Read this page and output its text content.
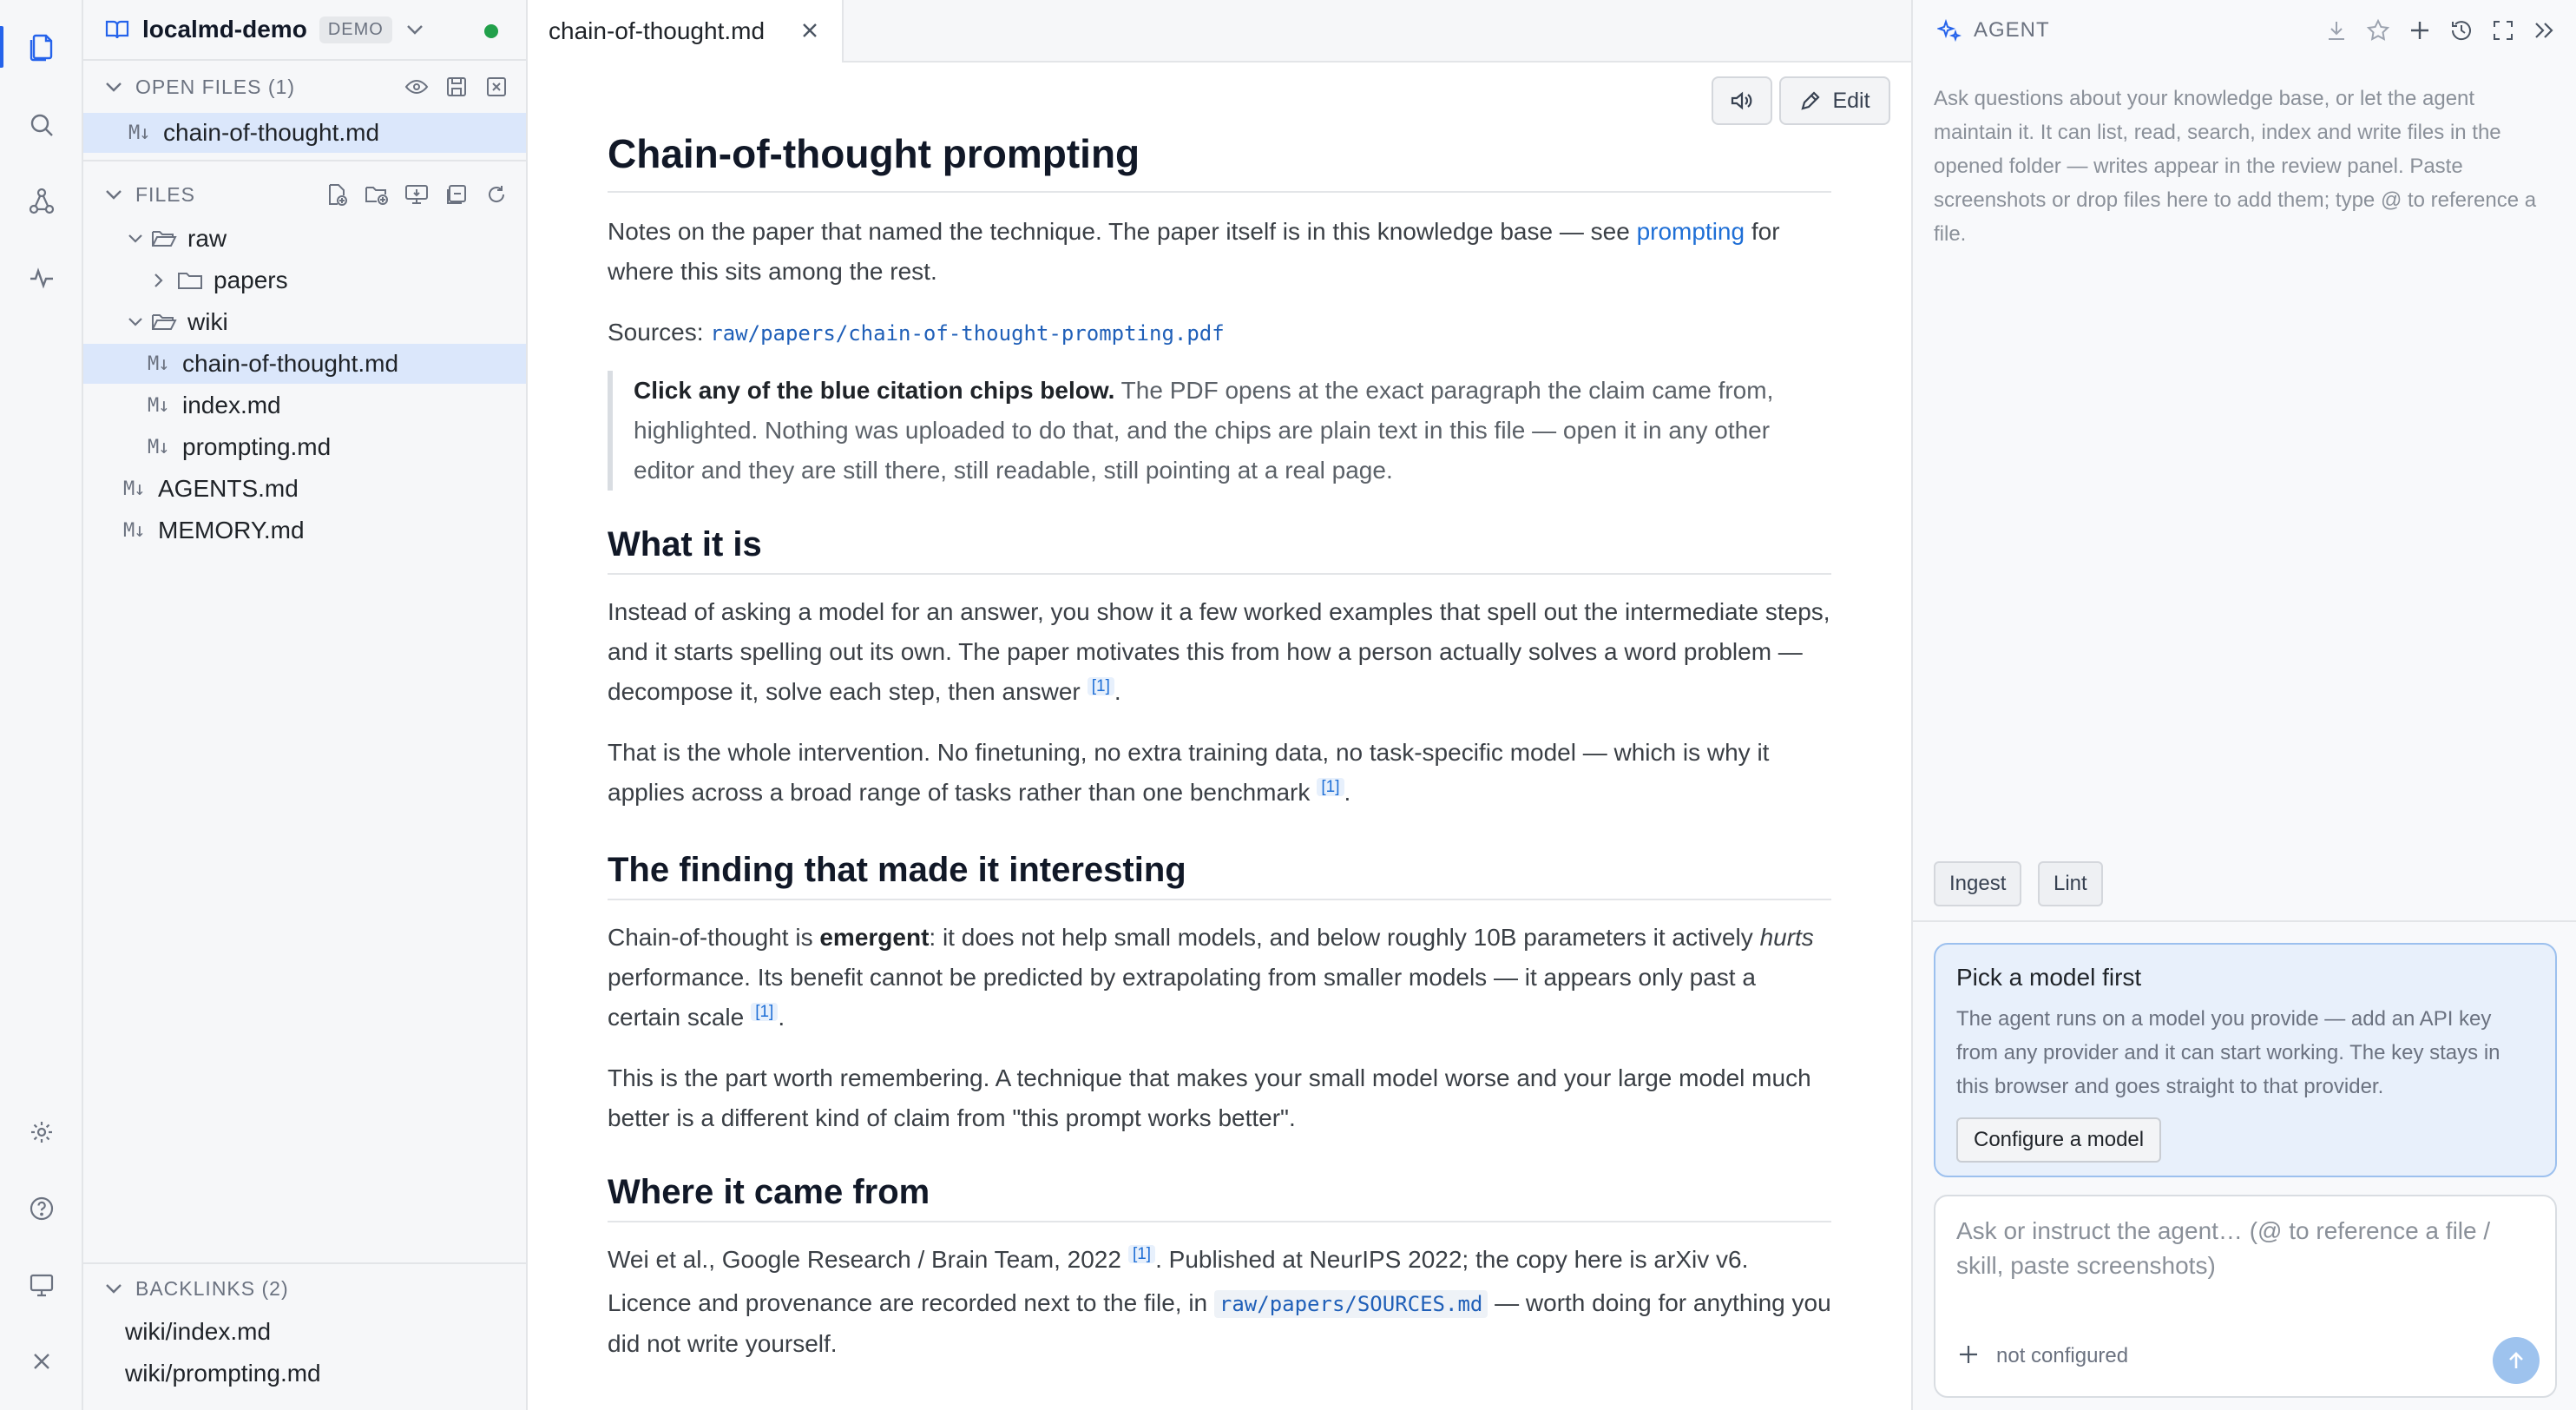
localmd-demo	DEMO
OPEN FILES (1)
M↓ chain-of-thought.md
FILES
raw
papers
wiki
M↓ chain-of-thought.md
M↓ index.md
M↓ prompting.md
M↓ AGENTS.md
M↓ MEMORY.md
BACKLINKS (2)
wiki/index.md
wiki/prompting.md
chain-of-thought.md
Edit
Chain-of-thought prompting

Notes on the paper that named the technique. The paper itself is in this knowledge base — see prompting for where this sits among the rest.

Sources: raw/papers/chain-of-thought-prompting.pdf

Click any of the blue citation chips below. The PDF opens at the exact paragraph the claim came from, highlighted. Nothing was uploaded to do that, and the chips are plain text in this file — open it in any other editor and they are still there, still readable, still pointing at a real page.
What it is

Instead of asking a model for an answer, you show it a few worked examples that spell out the intermediate steps, and it starts spelling out its own. The paper motivates this from how a person actually solves a word problem — decompose it, solve each step, then answer [1] .

That is the whole intervention. No finetuning, no extra training data, no task-specific model — which is why it applies across a broad range of tasks rather than one benchmark [1] .

The finding that made it interesting

Chain-of-thought is emergent: it does not help small models, and below roughly 10B parameters it actively hurts performance. Its benefit cannot be predicted by extrapolating from smaller models — it appears only past a certain scale [1] .

This is the part worth remembering. A technique that makes your small model worse and your large model much better is a different kind of claim from "this prompt works better".

Where it came from

Wei et al., Google Research / Brain Team, 2022 [1] . Published at NeurIPS 2022; the copy here is arXiv v6. Licence and provenance are recorded next to the file, in raw/papers/SOURCES.md — worth doing for anything you did not write yourself.

AGENT

Ask questions about your knowledge base, or let the agent maintain it. It can list, read, search, index and write files in the opened folder — writes appear in the review panel. Paste screenshots or drop files here to add them; type @ to reference a file.

Ingest	Lint
Pick a model first
The agent runs on a model you provide — add an API key from any provider and it can start working. The key stays in this browser and goes straight to that provider.
Configure a model
Ask or instruct the agent… (@ to reference a file / skill, paste screenshots)
not configured
